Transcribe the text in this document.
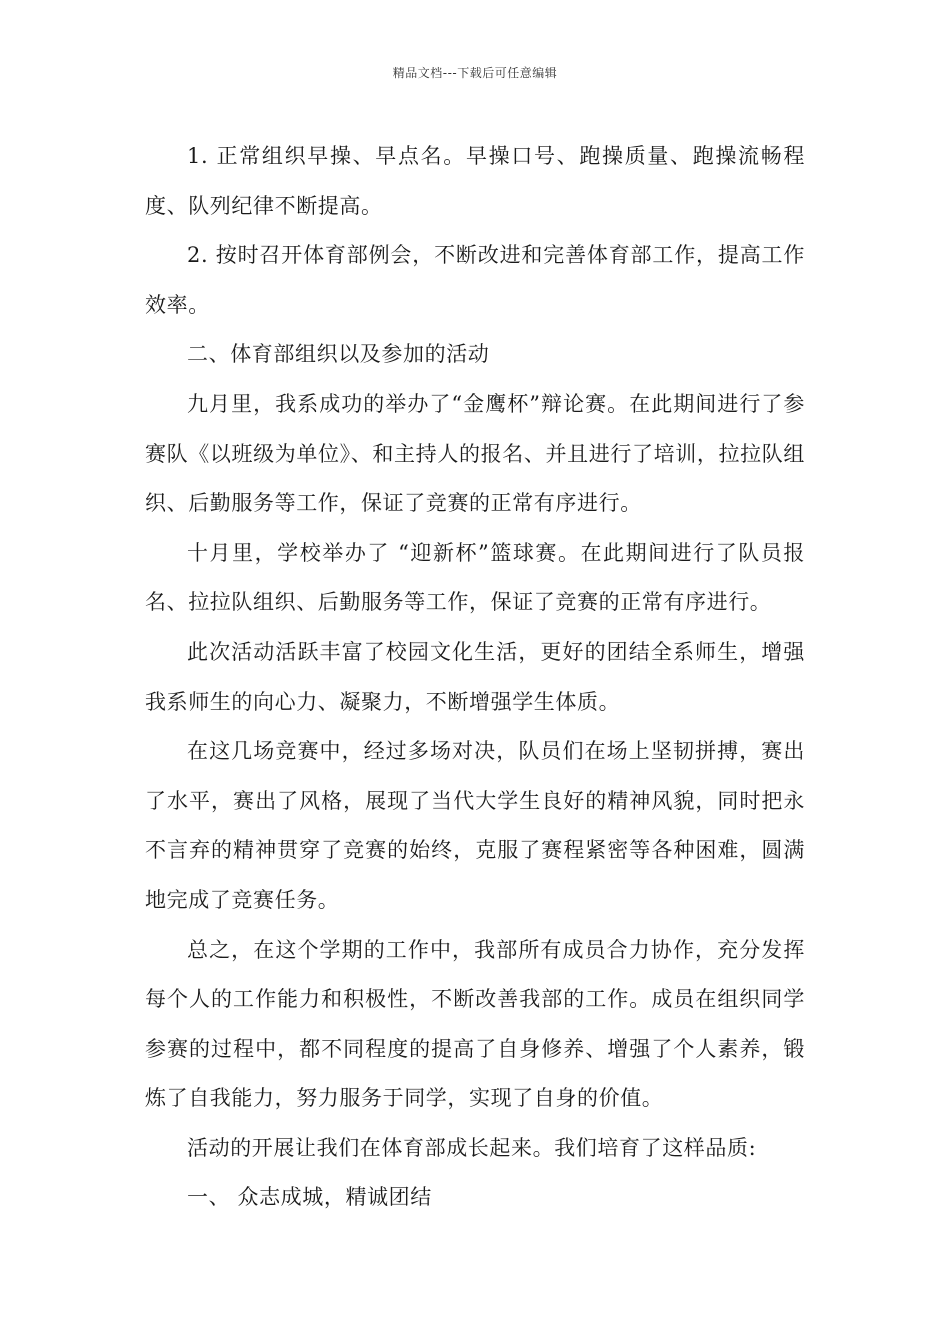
精品文档---下载后可任意编辑

1. 正常组织早操、早点名。早操口号、跑操质量、跑操流畅程度、队列纪律不断提高。

2. 按时召开体育部例会，不断改进和完善体育部工作，提高工作效率。

二、体育部组织以及参加的活动

九月里，我系成功的举办了“金鹰杯”辩论赛。在此期间进行了参赛队《以班级为单位》、和主持人的报名、并且进行了培训，拉拉队组织、后勤服务等工作，保证了竞赛的正常有序进行。

十月里，学校举办了 “迎新杯”篮球赛。在此期间进行了队员报名、拉拉队组织、后勤服务等工作，保证了竞赛的正常有序进行。

此次活动活跃丰富了校园文化生活，更好的团结全系师生，增强我系师生的向心力、凝聚力，不断增强学生体质。

在这几场竞赛中，经过多场对决，队员们在场上坚韧拼搏，赛出了水平，赛出了风格，展现了当代大学生良好的精神风貌，同时把永不言弃的精神贯穿了竞赛的始终，克服了赛程紧密等各种困难，圆满地完成了竞赛任务。

总之，在这个学期的工作中，我部所有成员合力协作，充分发挥每个人的工作能力和积极性，不断改善我部的工作。成员在组织同学参赛的过程中，都不同程度的提高了自身修养、增强了个人素养，锻炼了自我能力，努力服务于同学，实现了自身的价值。

活动的开展让我们在体育部成长起来。我们培育了这样品质:

一、 众志成城，精诚团结
